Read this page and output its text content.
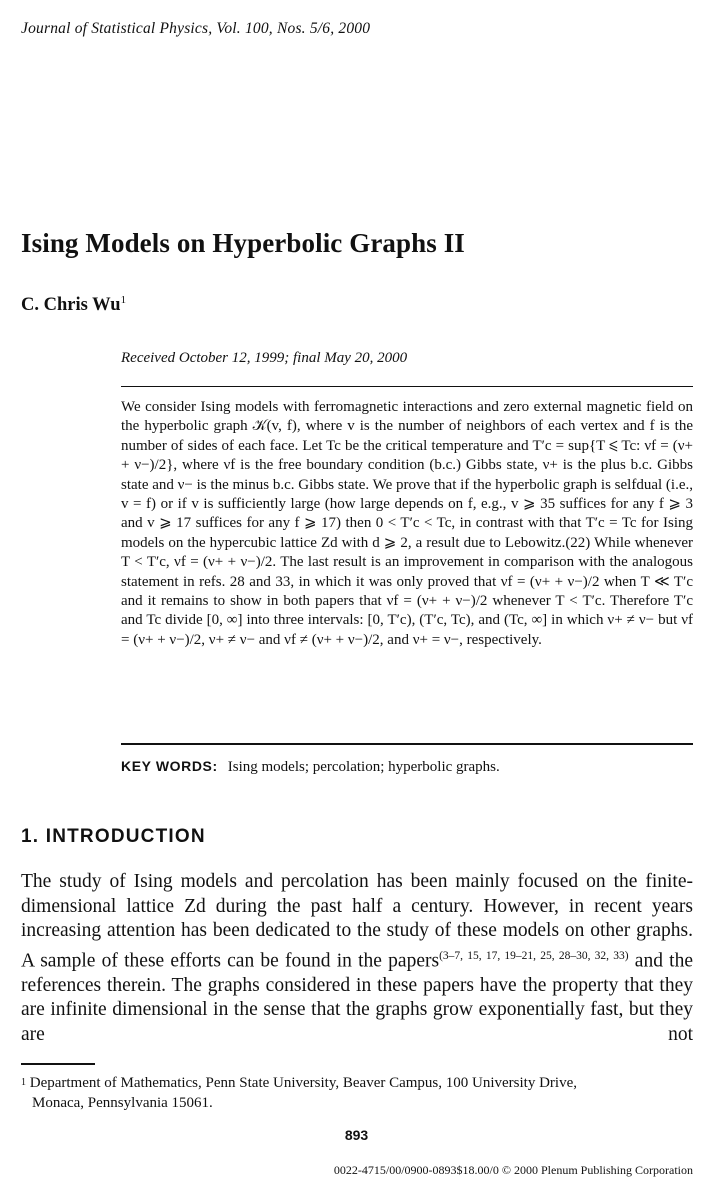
Journal of Statistical Physics, Vol. 100, Nos. 5/6, 2000
Ising Models on Hyperbolic Graphs II
C. Chris Wu$^1$
Received October 12, 1999; final May 20, 2000

We consider Ising models with ferromagnetic interactions and zero external magnetic field on the hyperbolic graph 𝒦(v, f), where v is the number of neighbors of each vertex and f is the number of sides of each face. Let Tc be the critical temperature and T′c = sup{T ⩽ Tc: νf = (ν+ + ν−)/2}, where νf is the free boundary condition (b.c.) Gibbs state, ν+ is the plus b.c. Gibbs state and ν− is the minus b.c. Gibbs state. We prove that if the hyperbolic graph is selfdual (i.e., v = f) or if v is sufficiently large (how large depends on f, e.g., v ⩾ 35 suffices for any f ⩾ 3 and v ⩾ 17 suffices for any f ⩾ 17) then 0 < T′c < Tc, in contrast with that T′c = Tc for Ising models on the hypercubic lattice Zd with d ⩾ 2, a result due to Lebowitz.(22) While whenever T < T′c, νf = (ν+ + ν−)/2. The last result is an improvement in comparison with the analogous statement in refs. 28 and 33, in which it was only proved that νf = (ν+ + ν−)/2 when T ≪ T′c and it remains to show in both papers that νf = (ν+ + ν−)/2 whenever T < T′c. Therefore T′c and Tc divide [0, ∞] into three intervals: [0, T′c), (T′c, Tc), and (Tc, ∞] in which ν+ ≠ ν− but νf = (ν+ + ν−)/2, ν+ ≠ ν− and νf ≠ (ν+ + ν−)/2, and ν+ = ν−, respectively.

KEY WORDS: Ising models; percolation; hyperbolic graphs.
1. INTRODUCTION

The study of Ising models and percolation has been mainly focused on the finite-dimensional lattice Zd during the past half a century. However, in recent years increasing attention has been dedicated to the study of these models on other graphs. A sample of these efforts can be found in the papers$^{(3-7, 15, 17, 19-21, 25, 28-30, 32, 33)}$ and the references therein. The graphs considered in these papers have the property that they are infinite dimensional in the sense that the graphs grow exponentially fast, but they are not

$^1$ Department of Mathematics, Penn State University, Beaver Campus, 100 University Drive,
Monaca, Pennsylvania 15061.
893
0022-4715/00/0900-0893$18.00/0 © 2000 Plenum Publishing Corporation
